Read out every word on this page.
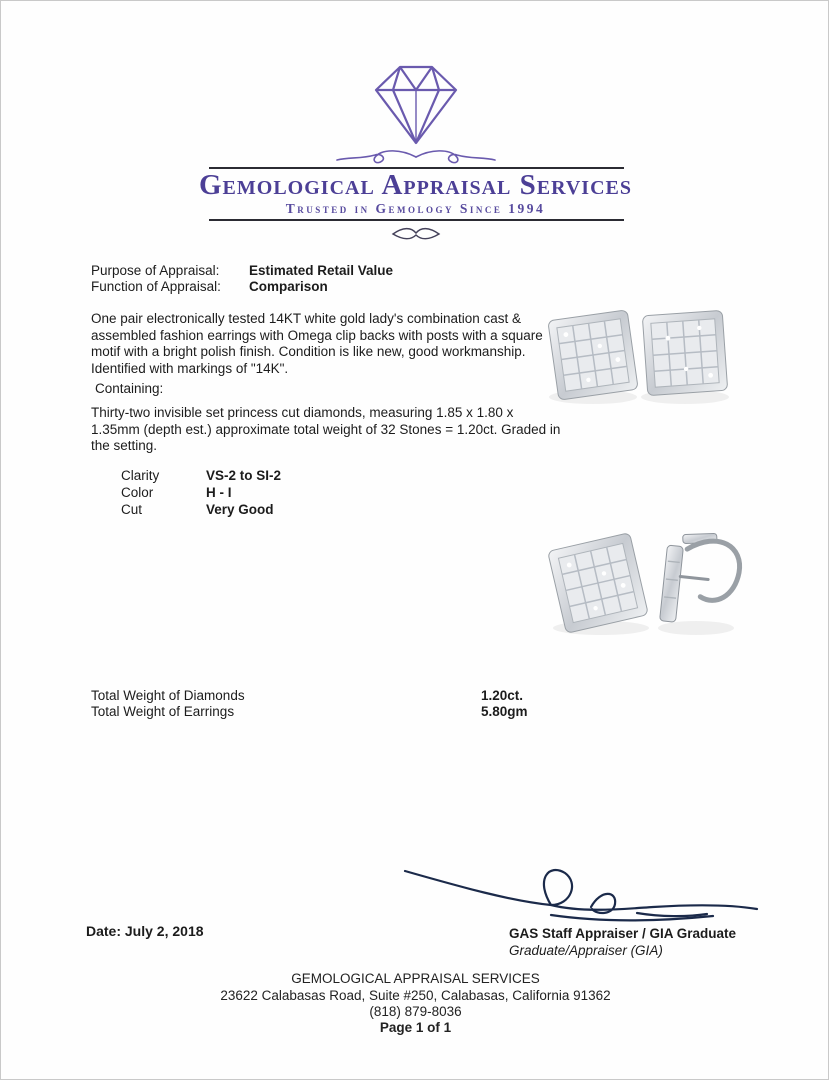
Gemological Appraisal Services
Trusted in Gemology Since 1994
Purpose of Appraisal: Estimated Retail Value
Function of Appraisal: Comparison
One pair electronically tested 14KT white gold lady's combination cast & assembled fashion earrings with Omega clip backs with posts with a square motif with a bright polish finish. Condition is like new, good workmanship. Identified with markings of "14K".
Containing:
Thirty-two invisible set princess cut diamonds, measuring 1.85 x 1.80 x 1.35mm (depth est.) approximate total weight of 32 Stones = 1.20ct. Graded in the setting.
Clarity	VS-2 to SI-2
Color	H - I
Cut	Very Good
Total Weight of Diamonds	1.20ct.
Total Weight of Earrings	5.80gm
Date: July 2, 2018	GAS Staff Appraiser / GIA Graduate
Graduate/Appraiser (GIA)
GEMOLOGICAL APPRAISAL SERVICES
23622 Calabasas Road, Suite #250, Calabasas, California 91362
(818) 879-8036
Page 1 of 1
